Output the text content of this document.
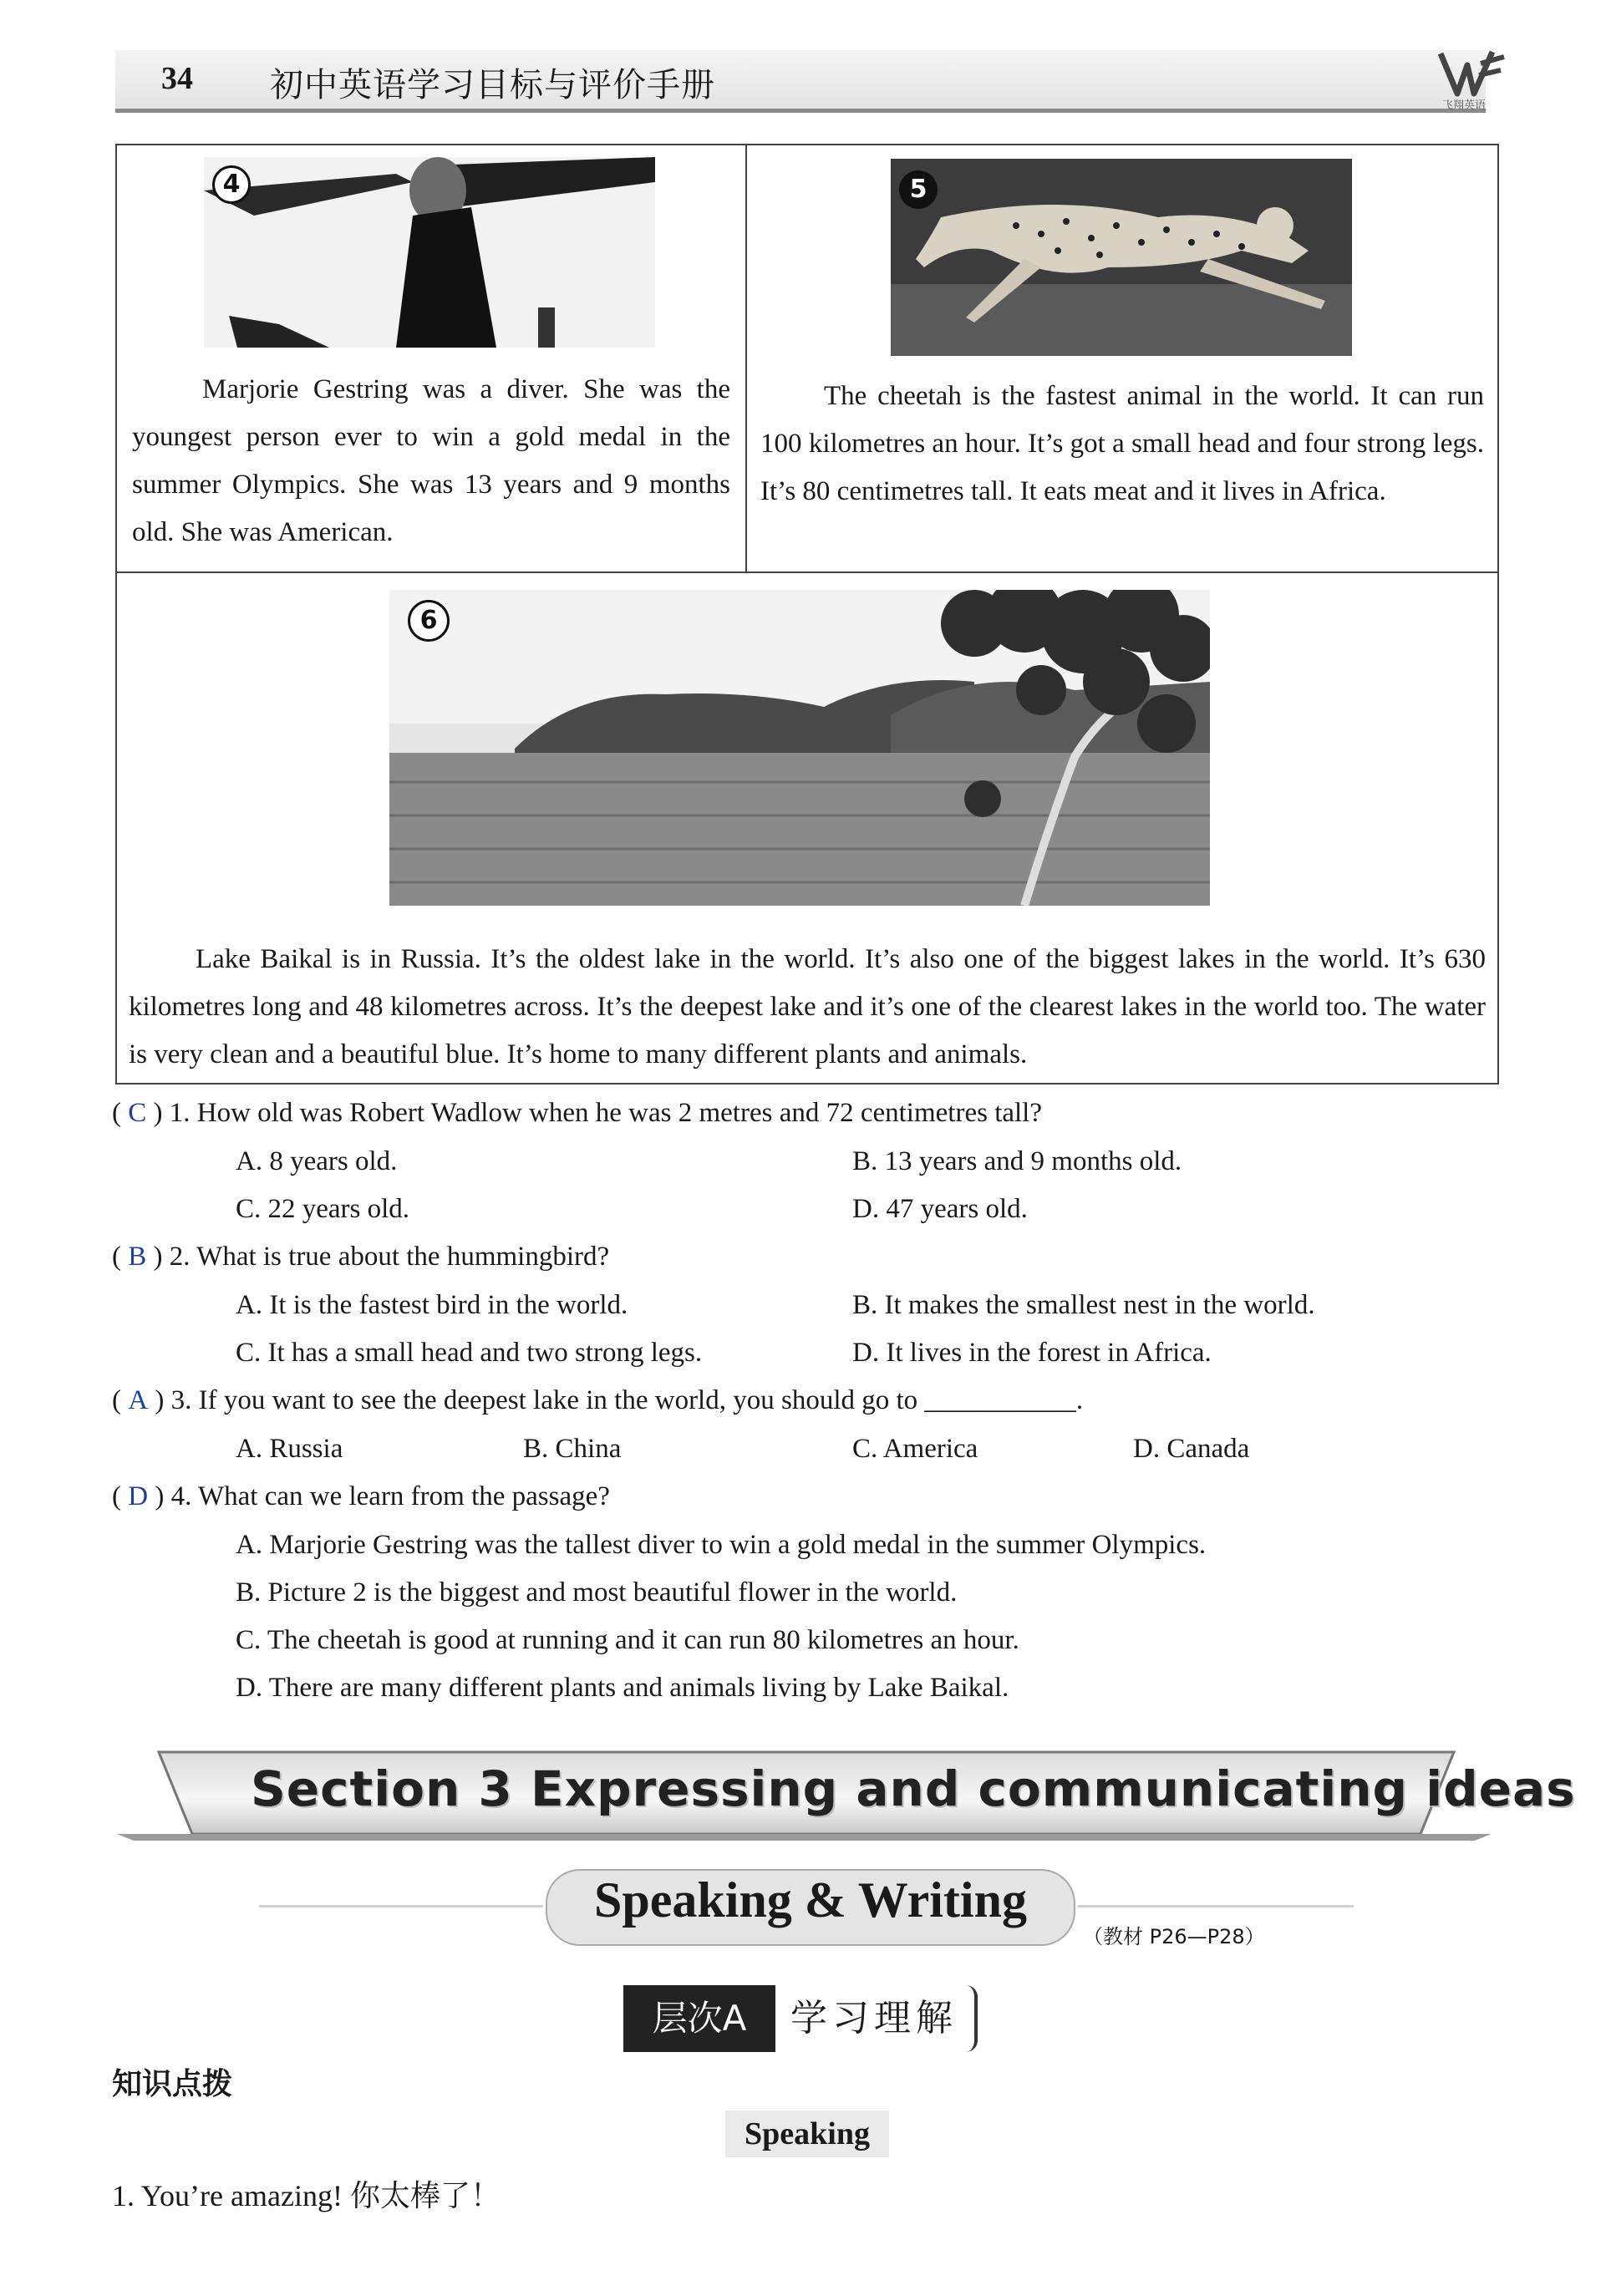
34 初中英语学习目标与评价手册
飞翔英语
4
Marjorie Gestring was a diver. She was the youngest person ever to win a gold medal in the summer Olympics. She was 13 years and 9 months old. She was American.
5
The cheetah is the fastest animal in the world. It can run 100 kilometres an hour. It’s got a small head and four strong legs. It’s 80 centimetres tall. It eats meat and it lives in Africa.
6
Lake Baikal is in Russia. It’s the oldest lake in the world. It’s also one of the biggest lakes in the world. It’s 630 kilometres long and 48 kilometres across. It’s the deepest lake and it’s one of the clearest lakes in the world too. The water is very clean and a beautiful blue. It’s home to many different plants and animals.
( C ) 1. How old was Robert Wadlow when he was 2 metres and 72 centimetres tall?
A. 8 years old.	B. 13 years and 9 months old.
C. 22 years old.	D. 47 years old.
( B ) 2. What is true about the hummingbird?
A. It is the fastest bird in the world.	B. It makes the smallest nest in the world.
C. It has a small head and two strong legs.	D. It lives in the forest in Africa.
( A ) 3. If you want to see the deepest lake in the world, you should go to ___________.
A. Russia	B. China	C. America	D. Canada
( D ) 4. What can we learn from the passage?
A. Marjorie Gestring was the tallest diver to win a gold medal in the summer Olympics.
B. Picture 2 is the biggest and most beautiful flower in the world.
C. The cheetah is good at running and it can run 80 kilometres an hour.
D. There are many different plants and animals living by Lake Baikal.
Section 3 Expressing and communicating ideas
Speaking & Writing
（教材 P26—P28）
层次A	学习理解
知识点拨
Speaking
1. You’re amazing! 你太棒了！
